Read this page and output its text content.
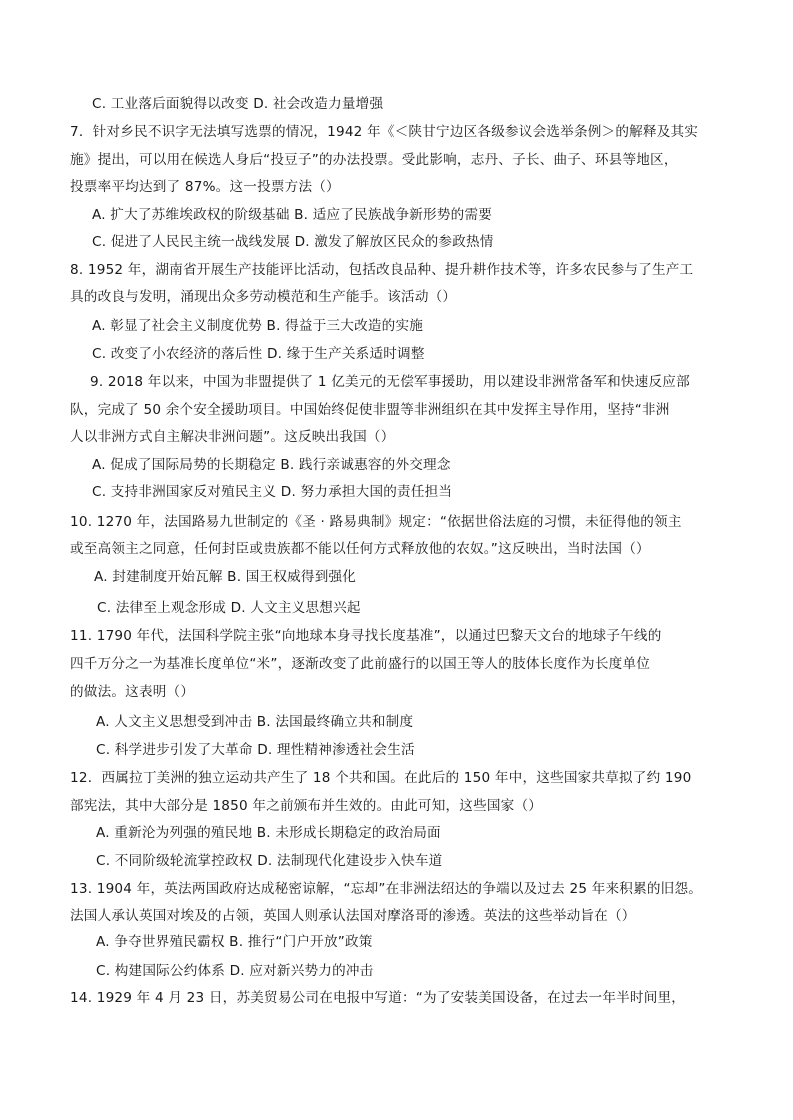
C. 工业落后面貌得以改变 D. 社会改造力量增强
7．针对乡民不识字无法填写选票的情况，1942 年《＜陕甘宁边区各级参议会选举条例＞的解释及其实
施》提出，可以用在候选人身后“投豆子”的办法投票。受此影响，志丹、子长、曲子、环县等地区，
投票率平均达到了 87%。这一投票方法（）
A. 扩大了苏维埃政权的阶级基础 B. 适应了民族战争新形势的需要
C. 促进了人民民主统一战线发展 D. 激发了解放区民众的参政热情
8. 1952 年，湖南省开展生产技能评比活动，包括改良品种、提升耕作技术等，许多农民参与了生产工
具的改良与发明，涌现出众多劳动模范和生产能手。该活动（）
A. 彰显了社会主义制度优势 B. 得益于三大改造的实施
C. 改变了小农经济的落后性 D. 缘于生产关系适时调整
9. 2018 年以来，中国为非盟提供了 1 亿美元的无偿军事援助，用以建设非洲常备军和快速反应部
队，完成了 50 余个安全援助项目。中国始终促使非盟等非洲组织在其中发挥主导作用，坚持“非洲
人以非洲方式自主解决非洲问题”。这反映出我国（）
A. 促成了国际局势的长期稳定 B. 践行亲诚惠容的外交理念
C. 支持非洲国家反对殖民主义 D. 努力承担大国的责任担当
10. 1270 年，法国路易九世制定的《圣 · 路易典制》规定：“依据世俗法庭的习惯，未征得他的领主
或至高领主之同意，任何封臣或贵族都不能以任何方式释放他的农奴。”这反映出，当时法国（）
A. 封建制度开始瓦解 B. 国王权威得到强化
C. 法律至上观念形成 D. 人文主义思想兴起
11. 1790 年代，法国科学院主张“向地球本身寻找长度基准”，以通过巴黎天文台的地球子午线的
四千万分之一为基准长度单位“米”，逐渐改变了此前盛行的以国王等人的肢体长度作为长度单位
的做法。这表明（）
A. 人文主义思想受到冲击 B. 法国最终确立共和制度
C. 科学进步引发了大革命 D. 理性精神渗透社会生活
12．西属拉丁美洲的独立运动共产生了 18 个共和国。在此后的 150 年中，这些国家共草拟了约 190
部宪法，其中大部分是 1850 年之前颁布并生效的。由此可知，这些国家（）
A. 重新沦为列强的殖民地 B. 未形成长期稳定的政治局面
C. 不同阶级轮流掌控政权 D. 法制现代化建设步入快车道
13. 1904 年，英法两国政府达成秘密谅解，“忘却”在非洲法绍达的争端以及过去 25 年来积累的旧怨。
法国人承认英国对埃及的占领，英国人则承认法国对摩洛哥的渗透。英法的这些举动旨在（）
A. 争夺世界殖民霸权 B. 推行“门户开放”政策
C. 构建国际公约体系 D. 应对新兴势力的冲击
14. 1929 年 4 月 23 日，苏美贸易公司在电报中写道：“为了安装美国设备，在过去一年半时间里，
